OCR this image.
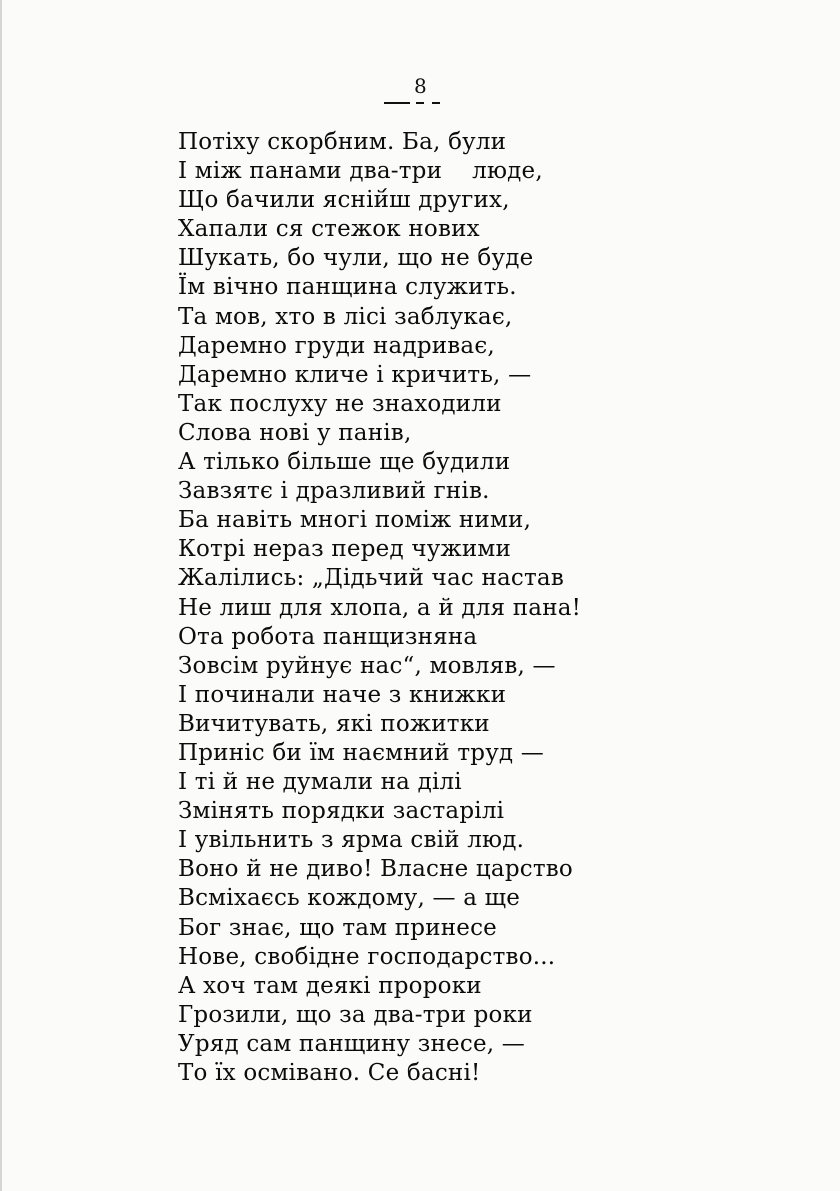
8
Потіху скорбним. Ба, були
І між панами два-три    люде,
Що бачили ясній́ш других,
Хапали ся стежок нових
Шукать, бо чули, що не буде
Їм вічно панщина служить.
Та мов, хто в лісі заблукає,
Даремно груди надриває,
Даремно кличе і кричить, —
Так послуху не знаходили
Слова нові у панів,
А тілько більше ще будили
Завзятє і дразливий гнів.
Ба навіть многі поміж ними,
Котрі нераз перед чужими
Жалілись: „Дідьчий час настав
Не лиш для хлопа, а й для пана!
Ота робота панщизняна
Зовсім руйнує нас“, мовляв, —
І починали наче з книжки
Вичитувать, які пожитки
Приніс би їм наємний труд —
І ті й не думали на ділі
Змінять порядки застарілі
І увільнить з ярма свій люд.
Воно й не диво! Власне царство
Всміхаєсь кождому, — а ще
Бог знає, що там принесе
Нове, свобідне господарство...
А хоч там деякі пророки
Грозили, що за два-три роки
Уряд сам панщину знесе, —
То їх осмівано. Се басні!
